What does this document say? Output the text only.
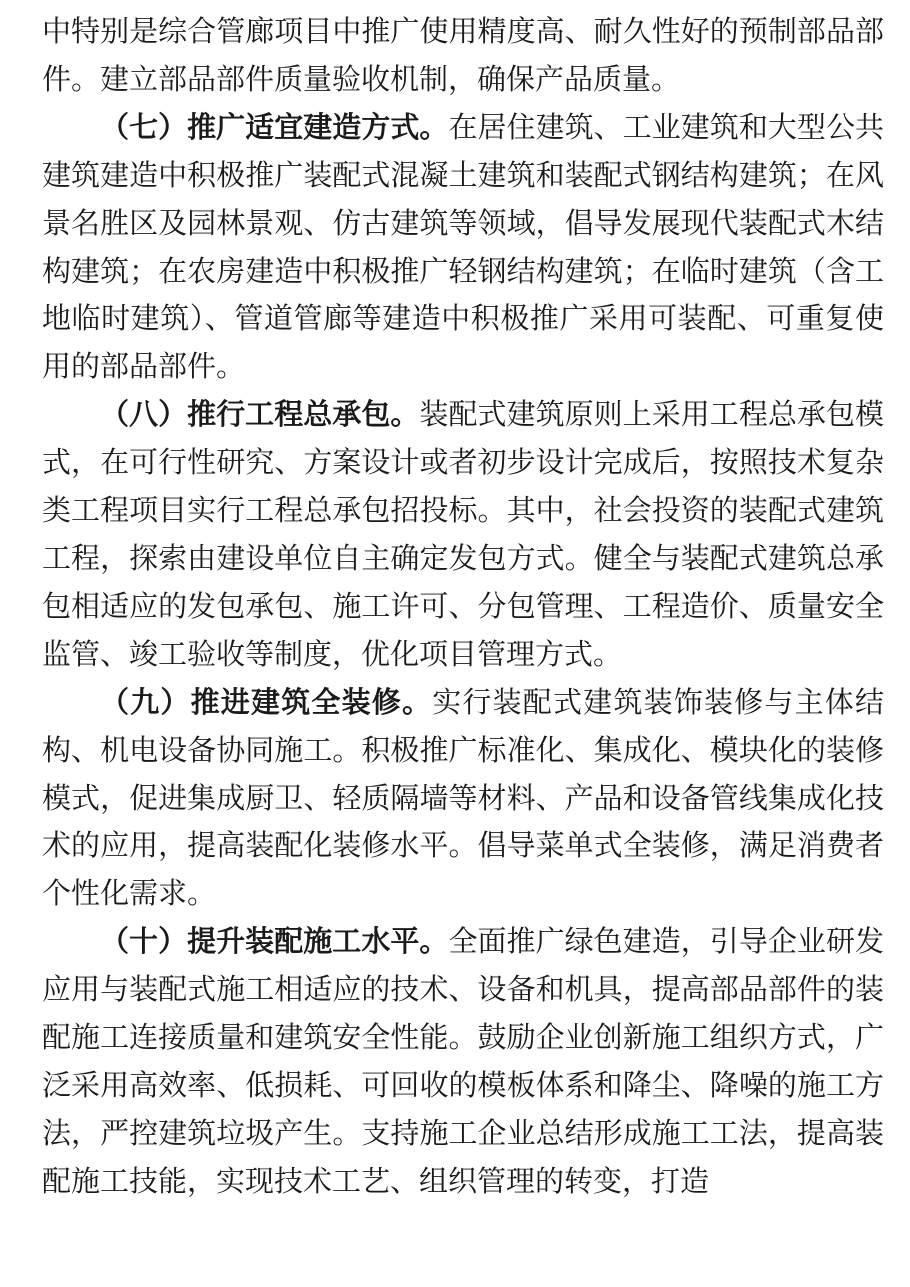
中特别是综合管廊项目中推广使用精度高、耐久性好的预制部品部件。建立部品部件质量验收机制，确保产品质量。

（七）推广适宜建造方式。在居住建筑、工业建筑和大型公共建筑建造中积极推广装配式混凝土建筑和装配式钢结构建筑；在风景名胜区及园林景观、仿古建筑等领域，倡导发展现代装配式木结构建筑；在农房建造中积极推广轻钢结构建筑；在临时建筑（含工地临时建筑）、管道管廊等建造中积极推广采用可装配、可重复使用的部品部件。

（八）推行工程总承包。装配式建筑原则上采用工程总承包模式，在可行性研究、方案设计或者初步设计完成后，按照技术复杂类工程项目实行工程总承包招投标。其中，社会投资的装配式建筑工程，探索由建设单位自主确定发包方式。健全与装配式建筑总承包相适应的发包承包、施工许可、分包管理、工程造价、质量安全监管、竣工验收等制度，优化项目管理方式。

（九）推进建筑全装修。实行装配式建筑装饰装修与主体结构、机电设备协同施工。积极推广标准化、集成化、模块化的装修模式，促进集成厨卫、轻质隔墙等材料、产品和设备管线集成化技术的应用，提高装配化装修水平。倡导菜单式全装修，满足消费者个性化需求。

（十）提升装配施工水平。全面推广绿色建造，引导企业研发应用与装配式施工相适应的技术、设备和机具，提高部品部件的装配施工连接质量和建筑安全性能。鼓励企业创新施工组织方式，广泛采用高效率、低损耗、可回收的模板体系和降尘、降噪的施工方法，严控建筑垃圾产生。支持施工企业总结形成施工工法，提高装配施工技能，实现技术工艺、组织管理的转变，打造
